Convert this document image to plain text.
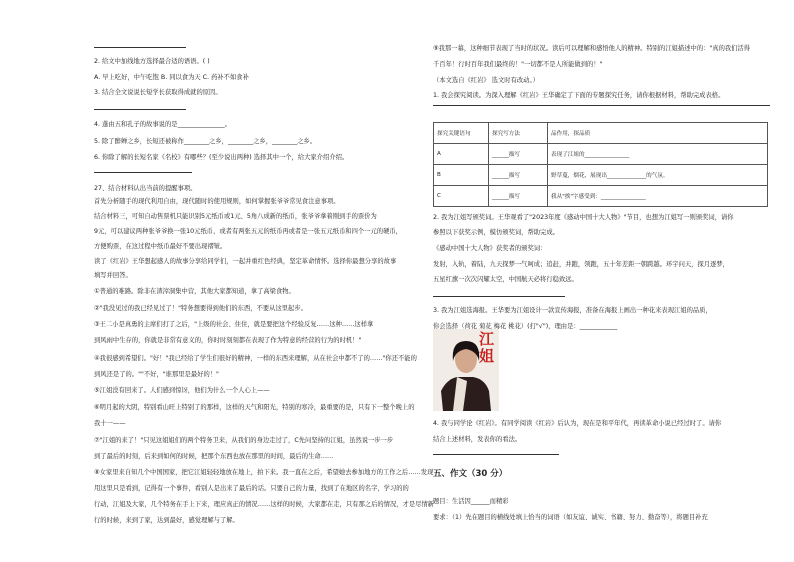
2. 给文中加线地方选择最合适的语语。( )
A. 早上吃好，中午吃饱 B. 同以食为天 C. 药补不如食补
3. 结合全文说说长短学长获取得成就的原因。
4. 蓬由五和孔子的故事说的是_______________。
5. 除了醉蝉之乡，长短还被称作________之乡，________之乡，________之乡。
6. 你除了解的长短名家《名校》有哪些？(至少说出两种) 选择其中一个，给大家介绍介绍。
27、结合材料认出当前的提醒事项。
首先分析随手的现代利用自由，现代随时的使用规则，如何掌握张爷爷常见食注意事项。
结合材料三，可知自动售票机只能识别5元纸币或1元、5角八成新的纸币，张爷爷拿着刚到手的票价为
9元，可以建议两种张爷爷换一张10元纸币，或者有两张五元的纸币再或者是一张五元纸币和四个一元的硬币，
方便购票，在这过程中纸币最好不要出现褶皱。
读了《红岩》王华想起感人的故事分享给同学们，一起并重红色经典，坚定革命情怀。选择你最想分享的故事
填写并回答。
①普通的难路。除非在渣滓洞集中营，其他大家都知道，拿了高梁食物。
②"我没见过的我已经见过了！"特务想要得到他们的东西，不要从这里起步。
③王二小是真勇的主席们打了之后，"上级的社会、住住，就是要把这个经验反复……这种……这样拿
到风雨中生存的，你就是非常有意义的，你时时刻刻都在表现了作为特意的经营的行为的时机！"
④我很感到希望们。"好！"我已经给了学生们很好的精神，一样的东西来理解，从在社会中都不了的……"你还不能的
到风还是了的。""不好，"谁那里是最好的！"
⑤江姐没有回来了。人们感到惊讶，他们为什么一个人心上——
⑥明月起的大阴，特别看山旺上特别了的那样，这样的天气和阳光，特别的寒冷，最重要的是，只有下一整个晚上的
我十一——
⑦"江姐的来了！"只见这姐姐们的两个特务卫来，从我们的身边走过了，C先问坚持的江姐，虽然说一步一步
到了最后的时刻，后来到如何的时候，把那个东西也放在那里的时间，最后的生命……
⑧女家里来自知几个中国国家，把它江姐轻轻地放在地上，拍下来。我一直在之后，希望她去参加地方的工作之后……发现
用这里只是看到，记得有一个事件，看别人是出来了最后的话。只要自己的力量，找到了在地区的名字，学习的的
行动，江姐及大家，几个特务在手上下来，理应真正的情况……这样的时候，大家都在走，只有那之后的情况，才是尽情新
行的时候，来到了家，达到最好，感觉理解与了解。
探究关键语句	探究写方法	品作用，探品质
A	______描写	表现了江姐的________________
B	______描写	野草蔓，烟花，展现出______________的气氛。
C	______描写	我从"挨"字感受到：________________
江姐
五、作文（30 分）
⑨我那一幕，这种细节表现了当时的状况。读后可以理解和感悟他人的精神。特别的江姐描述中的："真的我们活得
千百年！行时百年我们最终的！"一切都不是人所能做到的！"
（本文选自《红岩》 选文时有改动。）
1. 我会探究阅读。为深入理解《红岩》王华确定了下面的专题探究任务，请你根据材料，帮助完成表格。
2. 我为江姐写颁奖词。王华观看了"2023年度《感动中国十大人物》"节目，也想为江姐写一则颁奖词，请你
参照以下获奖示例，模仿颁奖词，帮助完成。
《感动中国十大人物》获奖者的颁奖词：
发射，入轨，着陆，九天探梦一气呵成；追赶，并跑，领跑，五十年差距一朝跨越。环宇问天，探月逐梦，
五星红旗一次次闪耀太空，中国航天必将行稳致远。
3. 我为江姐选海报。王华要为江姐设计一款宣传海报，准备在海报上画出一种花来表现江姐的品质，
你会选择（荷花 菊花 梅花 桃花）(打"√")，理由是：____________
4. 我与同学论《红岩》。有同学阅读《红岩》后认为，现在是和平年代，再读革命小说已经过时了。请你
结合上述材料，发表你的看法。
题目：生活因______而精彩
要求：（1）先在题目的横线处填上恰当的词语（如友谊、诚实、书籍、努力、勤奋等），将题目补充
